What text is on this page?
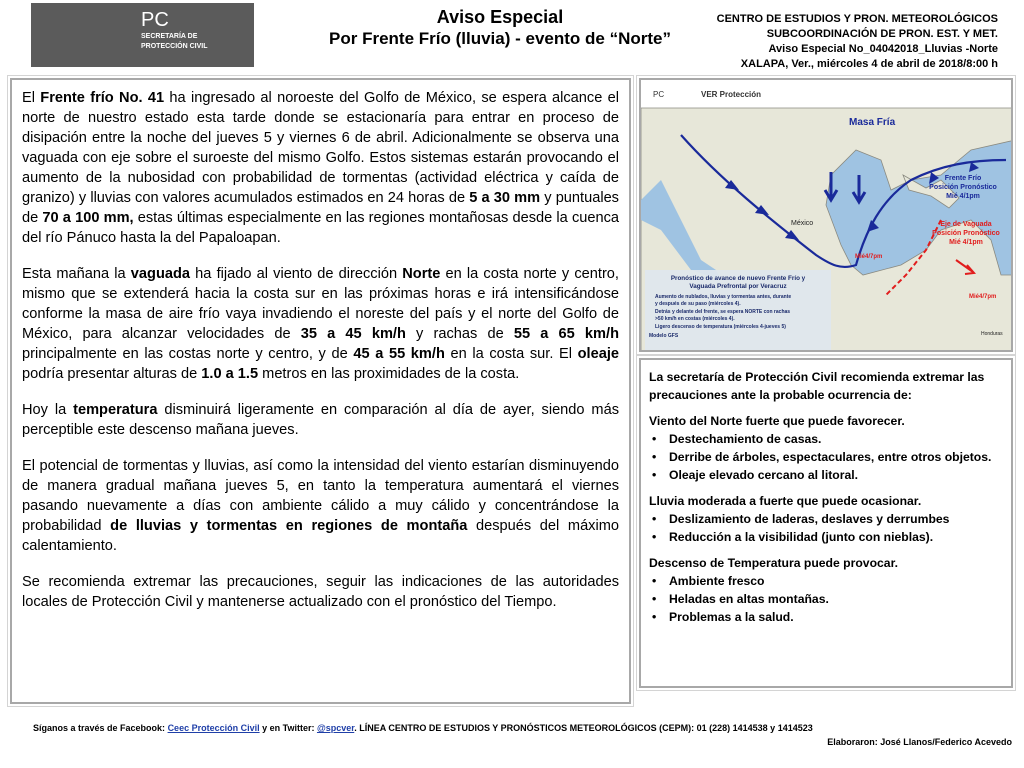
PC
SECRETARÍA DE
PROTECCIÓN CIVIL
Aviso Especial
Por Frente Frío (lluvia) - evento de “Norte”
CENTRO DE ESTUDIOS Y PRON. METEOROLÓGICOS
SUBCOORDINACIÓN DE PRON. EST. Y MET.
Aviso Especial No_04042018_Lluvias -Norte
XALAPA, Ver., miércoles 4 de abril de 2018/8:00 h

El Frente frío No. 41 ha ingresado al noroeste del Golfo de México, se espera alcance el norte de nuestro estado esta tarde donde se estacionaría para entrar en proceso de disipación entre la noche del jueves 5 y viernes 6 de abril. Adicionalmente se observa una vaguada con eje sobre el suroeste del mismo Golfo. Estos sistemas estarán provocando el aumento de la nubosidad con probabilidad de tormentas (actividad eléctrica y caída de granizo) y lluvias con valores acumulados estimados en 24 horas de 5 a 30 mm y puntuales de 70 a 100 mm, estas últimas especialmente en las regiones montañosas desde la cuenca del río Pánuco hasta la del Papaloapan.

Esta mañana la vaguada ha fijado al viento de dirección Norte en la costa norte y centro, mismo que se extenderá hacia la costa sur en las próximas horas e irá intensificándose conforme la masa de aire frío vaya invadiendo el noreste del país y el norte del Golfo de México, para alcanzar velocidades de 35 a 45 km/h y rachas de 55 a 65 km/h principalmente en las costas norte y centro, y de 45 a 55 km/h en la costa sur. El oleaje podría presentar alturas de 1.0 a 1.5 metros en las proximidades de la costa.

Hoy la temperatura disminuirá ligeramente en comparación al día de ayer, siendo más perceptible este descenso mañana jueves.

El potencial de tormentas y lluvias, así como la intensidad del viento estarían disminuyendo de manera gradual mañana jueves 5, en tanto la temperatura aumentará el viernes pasando nuevamente a días con ambiente cálido a muy cálido y concentrándose la probabilidad de lluvias y tormentas en regiones de montaña después del máximo calentamiento.

Se recomienda extremar las precauciones, seguir las indicaciones de las autoridades locales de Protección Civil y mantenerse actualizado con el pronóstico del Tiempo.

PC	VER Protección
Masa Fría
Frente Frío
Posición Pronóstico
Mié 4/1pm
Eje de Vaguada
Posición Pronóstico
Mié 4/1pm
México
Mié4/7pm
Mié4/7pm
Honduras
Pronóstico de avance de nuevo Frente Frío y
Vaguada Prefrontal por Veracruz
Aumento de nublados, lluvias y tormentas antes, durante
y después de su paso (miércoles 4).
Detrás y delante del frente, se espera NORTE con rachas
>50 km/h en costas (miércoles 4).
Ligero descenso de temperatura (miércoles 4-jueves 5)
Modelo GFS

La secretaría de Protección Civil recomienda extremar las precauciones ante la probable ocurrencia de:

Viento del Norte fuerte que puede favorecer.
• Destechamiento de casas.
• Derribe de árboles, espectaculares, entre otros objetos.
• Oleaje elevado cercano al litoral.
Lluvia moderada a fuerte que puede ocasionar.
• Deslizamiento de laderas, deslaves y derrumbes
• Reducción a la visibilidad (junto con nieblas).
Descenso de Temperatura puede provocar.
• Ambiente fresco
• Heladas en altas montañas.
• Problemas a la salud.
Síganos a través de Facebook: Ceec Protección Civil y en Twitter: @spcver. LÍNEA CENTRO DE ESTUDIOS Y PRONÓSTICOS METEOROLÓGICOS (CEPM): 01 (228) 1414538 y 1414523
Elaboraron: José Llanos/Federico Acevedo
